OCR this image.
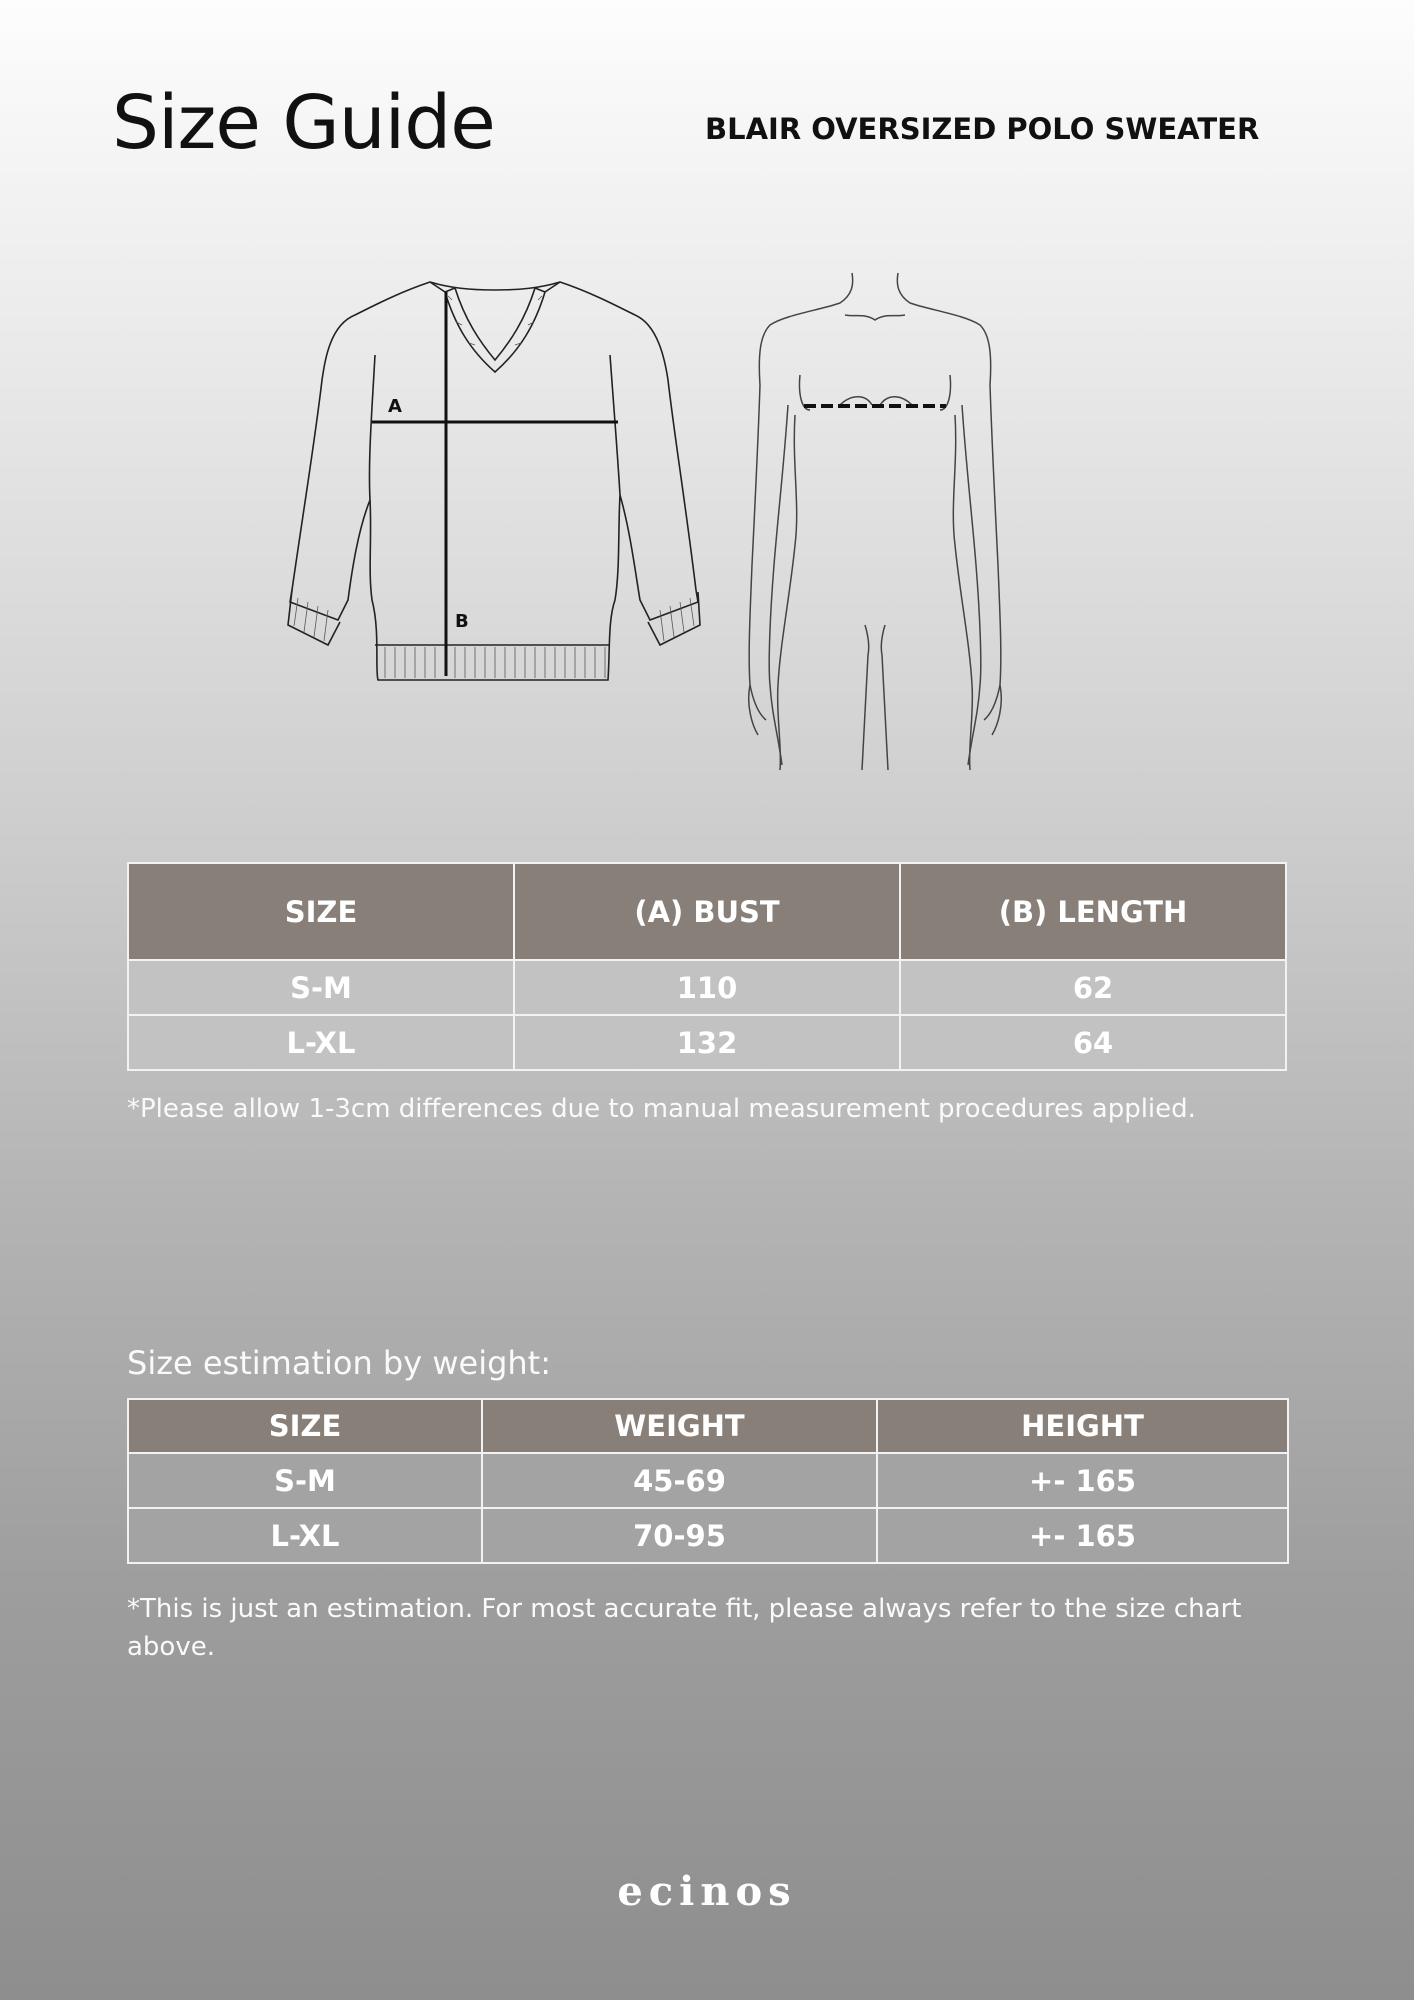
Size Guide	BLAIR OVERSIZED POLO SWEATER
A
B
SIZE	(A) BUST	(B) LENGTH
S-M	110	62
L-XL	132	64

*Please allow 1-3cm differences due to manual measurement procedures applied.

Size estimation by weight:

SIZE	WEIGHT	HEIGHT
S-M	45-69	+- 165
L-XL	70-95	+- 165

*This is just an estimation. For most accurate fit, please always refer to the size chart above.

ecinos
